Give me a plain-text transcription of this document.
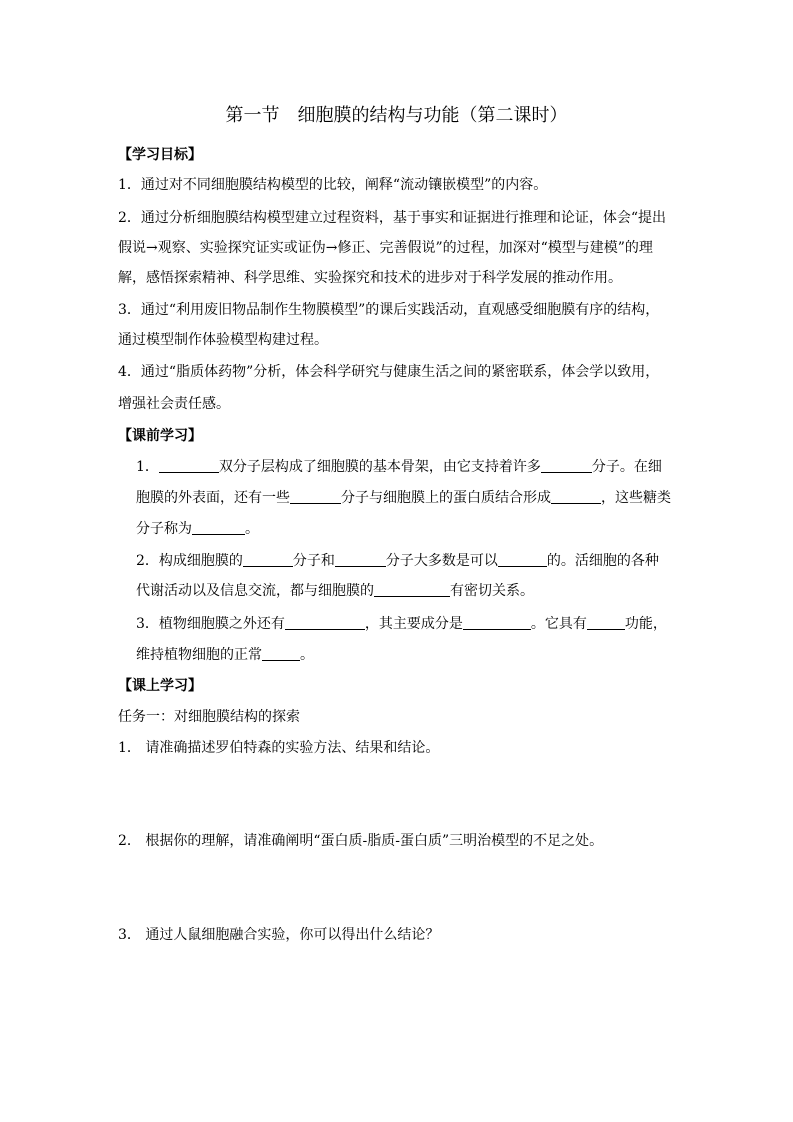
第一节　细胞膜的结构与功能（第二课时）
【学习目标】
1．通过对不同细胞膜结构模型的比较，阐释“流动镶嵌模型”的内容。
2．通过分析细胞膜结构模型建立过程资料，基于事实和证据进行推理和论证，体会“提出
假说→观察、实验探究证实或证伪→修正、完善假说”的过程，加深对“模型与建模”的理
解，感悟探索精神、科学思维、实验探究和技术的进步对于科学发展的推动作用。
3．通过“利用废旧物品制作生物膜模型”的课后实践活动，直观感受细胞膜有序的结构，
通过模型制作体验模型构建过程。
4．通过“脂质体药物”分析，体会科学研究与健康生活之间的紧密联系，体会学以致用，
增强社会责任感。
【课前学习】
1．	双分子层构成了细胞膜的基本骨架，由它支持着许多	分子。在细
胞膜的外表面，还有一些	分子与细胞膜上的蛋白质结合形成	，这些糖类
分子称为	。
2．构成细胞膜的	分子和	分子大多数是可以	的。活细胞的各种
代谢活动以及信息交流，都与细胞膜的	有密切关系。
3．植物细胞膜之外还有	，其主要成分是	。它具有	功能，
维持植物细胞的正常	。
【课上学习】
任务一：对细胞膜结构的探索
1． 请准确描述罗伯特森的实验方法、结果和结论。
2． 根据你的理解，请准确阐明“蛋白质-脂质-蛋白质”三明治模型的不足之处。
3． 通过人鼠细胞融合实验，你可以得出什么结论？
